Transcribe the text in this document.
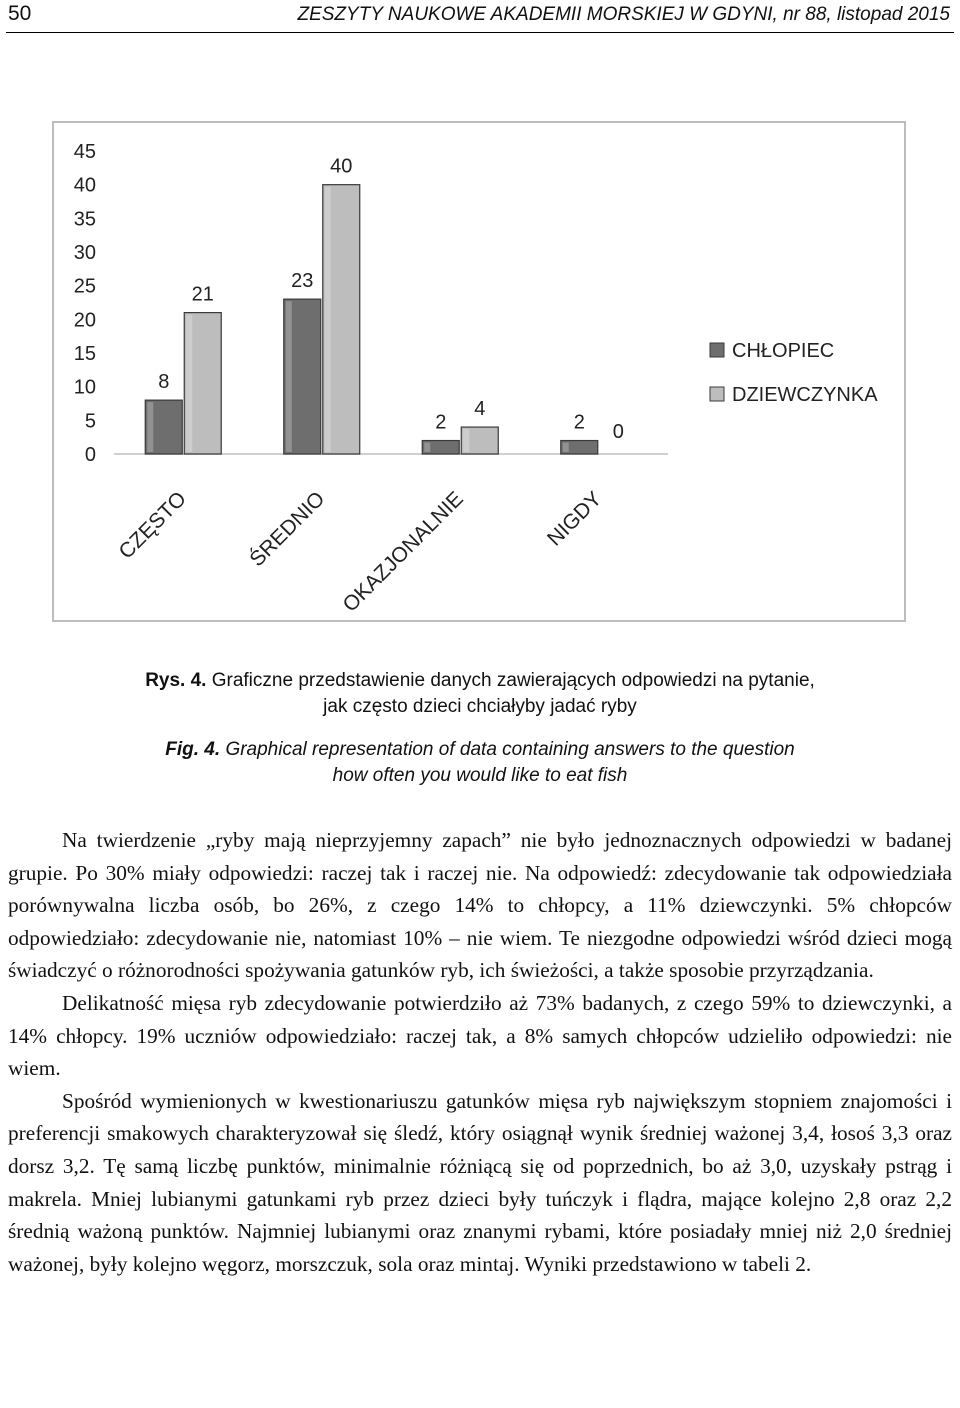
50	ZESZYTY NAUKOWE AKADEMII MORSKIEJ W GDYNI, nr 88, listopad 2015
0
5
10
15
20
25
30
35
40
45
8
21
CZĘSTO
23
40
ŚREDNIO
2
4
OKAZJONALNIE
2 0
NIGDY
CHŁOPIEC
DZIEWCZYNKA
Rys. 4. Graficzne przedstawienie danych zawierających odpowiedzi na pytanie,
jak często dzieci chciałyby jadać ryby
Fig. 4. Graphical representation of data containing answers to the question
how often you would like to eat fish

Na twierdzenie „ryby mają nieprzyjemny zapach” nie było jednoznacznych odpowiedzi w badanej grupie. Po 30% miały odpowiedzi: raczej tak i raczej nie. Na odpowiedź: zdecydowanie tak odpowiedziała porównywalna liczba osób, bo 26%, z czego 14% to chłopcy, a 11% dziewczynki. 5% chłopców odpowiedziało: zdecydowanie nie, natomiast 10% – nie wiem. Te niezgodne odpowiedzi wśród dzieci mogą świadczyć o różnorodności spożywania gatunków ryb, ich świeżości, a także sposobie przyrządzania.

Delikatność mięsa ryb zdecydowanie potwierdziło aż 73% badanych, z czego 59% to dziewczynki, a 14% chłopcy. 19% uczniów odpowiedziało: raczej tak, a 8% samych chłopców udzieliło odpowiedzi: nie wiem.

Spośród wymienionych w kwestionariuszu gatunków mięsa ryb największym stopniem znajomości i preferencji smakowych charakteryzował się śledź, który osiągnął wynik średniej ważonej 3,4, łosoś 3,3 oraz dorsz 3,2. Tę samą liczbę punktów, minimalnie różniącą się od poprzednich, bo aż 3,0, uzyskały pstrąg i makrela. Mniej lubianymi gatunkami ryb przez dzieci były tuńczyk i flądra, mające kolejno 2,8 oraz 2,2 średnią ważoną punktów. Najmniej lubianymi oraz znanymi rybami, które posiadały mniej niż 2,0 średniej ważonej, były kolejno węgorz, morszczuk, sola oraz mintaj. Wyniki przedstawiono w tabeli 2.
